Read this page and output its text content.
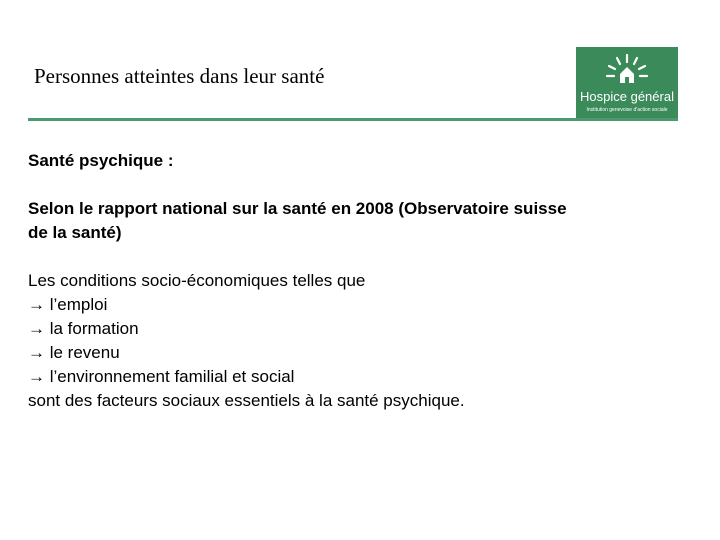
Personnes atteintes dans leur santé
Hospice général
Institution genevoise d'action sociale

Santé psychique :

Selon le rapport national sur la santé en 2008 (Observatoire suisse

de la santé)

Les conditions socio-économiques telles que

→ l’emploi

→ la formation

→ le revenu

→ l’environnement familial et social

sont des facteurs sociaux essentiels à la santé psychique.
